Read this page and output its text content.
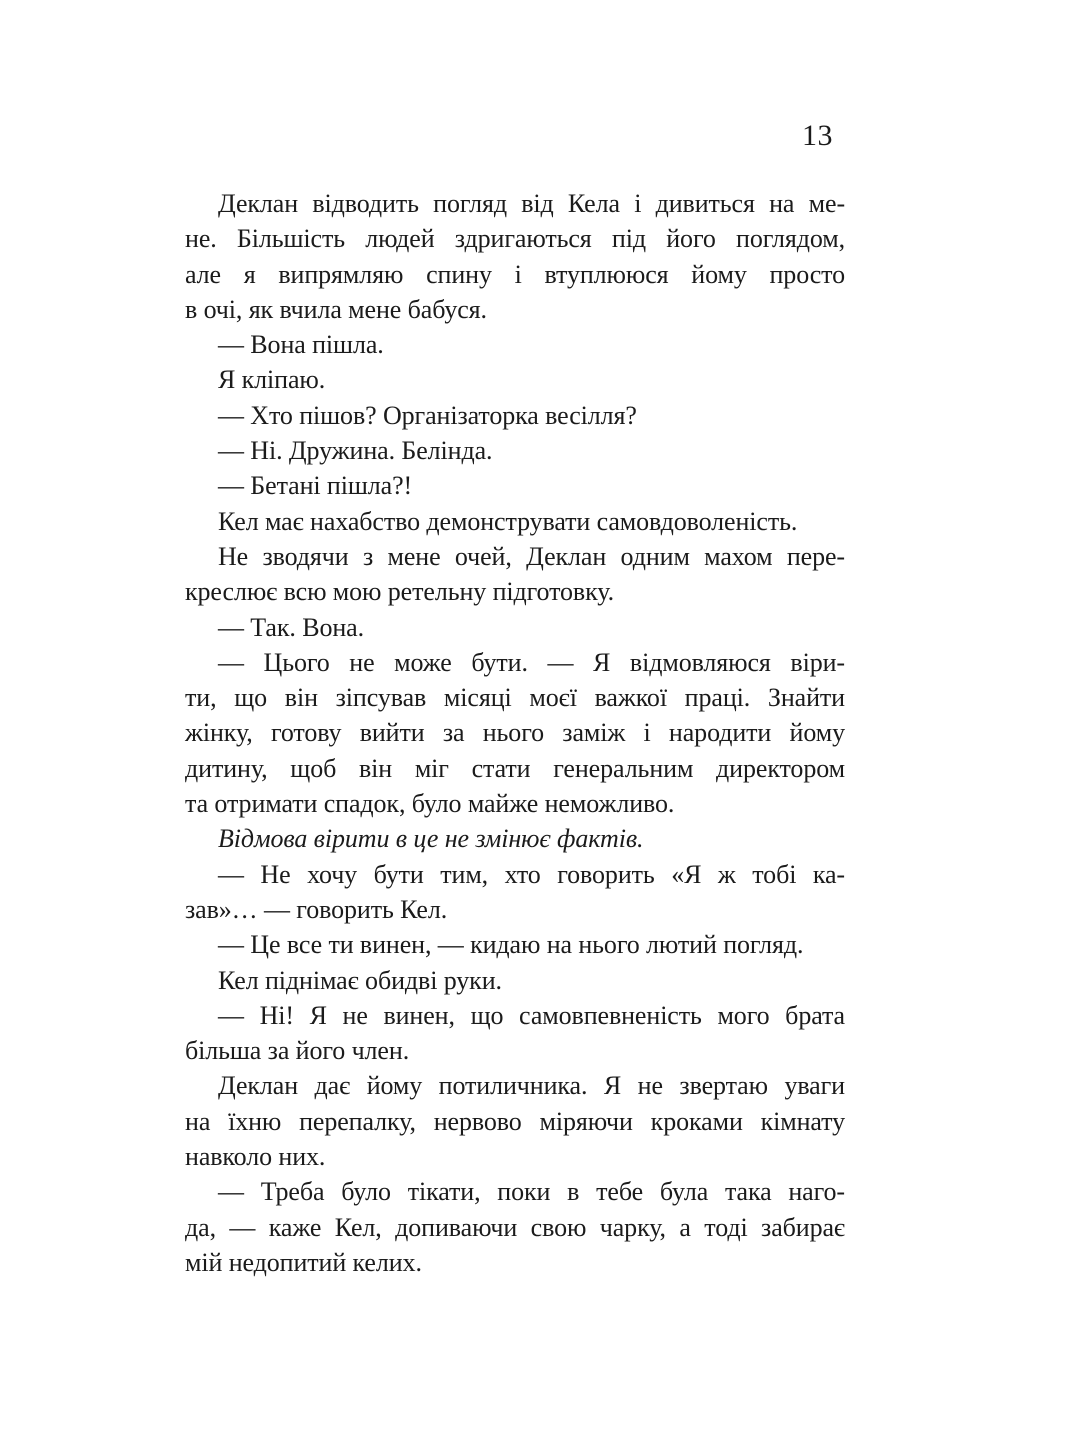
13

Деклан відводить погляд від Кела і дивиться на ме-
не. Більшість людей здригаються під його поглядом,
але я випрямляю спину і втуплююся йому просто
в очі, як вчила мене бабуся.

— Вона пішла.

Я кліпаю.

— Хто пішов? Організаторка весілля?

— Ні. Дружина. Белінда.

— Бетані пішла?!

Кел має нахабство демонструвати самовдоволеність.

Не зводячи з мене очей, Деклан одним махом пере-
креслює всю мою ретельну підготовку.

— Так. Вона.

— Цього не може бути. — Я відмовляюся віри-
ти, що він зіпсував місяці моєї важкої праці. Знайти
жінку, готову вийти за нього заміж і народити йому
дитину, щоб він міг стати генеральним директором
та отримати спадок, було майже неможливо.

Відмова вірити в це не змінює фактів.

— Не хочу бути тим, хто говорить «Я ж тобі ка-
зав»… — говорить Кел.

— Це все ти винен, — кидаю на нього лютий погляд.

Кел піднімає обидві руки.

— Ні! Я не винен, що самовпевненість мого брата
більша за його член.

Деклан дає йому потиличника. Я не звертаю уваги
на їхню перепалку, нервово міряючи кроками кімнату
навколо них.

— Треба було тікати, поки в тебе була така наго-
да, — каже Кел, допиваючи свою чарку, а тоді забирає
мій недопитий келих.
